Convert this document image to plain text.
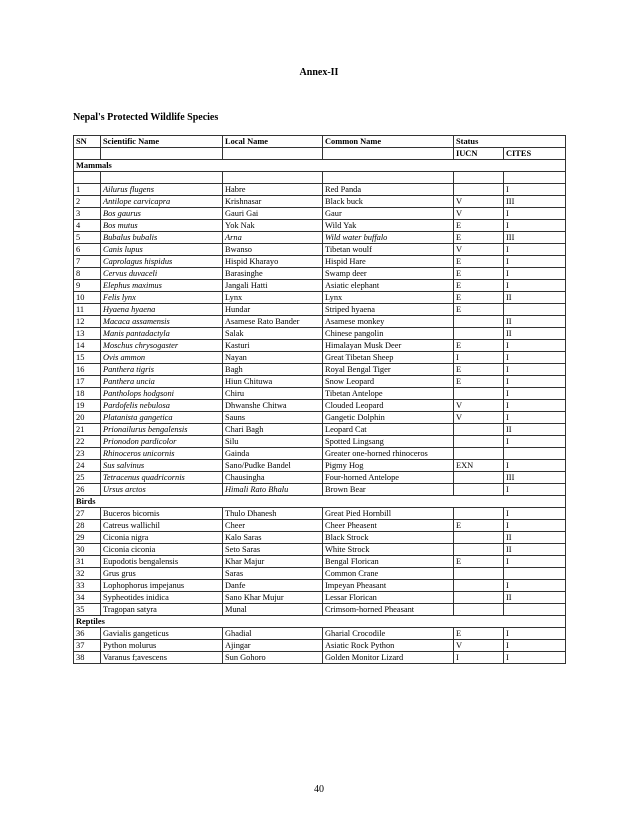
Annex-II
Nepal's Protected Wildlife Species
SN	Scientific Name	Local Name	Common Name	Status	
				IUCN	CITES
Mammals					

1	Ailurus flugens	Habre	Red Panda		I
2	Antilope carvicapra	Krishnasar	Black buck	V	III
3	Bos gaurus	Gauri Gai	Gaur	V	I
4	Bos mutus	Yok Nak	Wild Yak	E	I
5	Bubalus bubalis	Arna	Wild water buffalo	E	III
6	Canis lupus	Bwanso	Tibetan woulf	V	I
7	Caprolagus hispidus	Hispid Kharayo	Hispid Hare	E	I
8	Cervus duvaceli	Barasinghe	Swamp deer	E	I
9	Elephus maximus	Jangali Hatti	Asiatic elephant	E	I
10	Felis lynx	Lynx	Lynx	E	II
11	Hyaena hyaena	Hundar	Striped hyaena	E	
12	Macaca assamensis	Asamese Rato Bander	Asamese monkey		II
13	Manis pantadactyla	Salak	Chinese pangolin		II
14	Moschus chrysogaster	Kasturi	Himalayan Musk Deer	E	I
15	Ovis ammon	Nayan	Great Tibetan Sheep	I	I
16	Panthera tigris	Bagh	Royal Bengal Tiger	E	I
17	Panthera uncia	Hiun Chituwa	Snow Leopard	E	I
18	Pantholops hodgsoni	Chiru	Tibetan Antelope		I
19	Pardofelis nebulosa	Dhwanshe Chitwa	Clouded Leopard	V	I
20	Platanista gangetica	Sauns	Gangetic Dolphin	V	I
21	Prionailurus bengalensis	Chari Bagh	Leopard Cat		II
22	Prionodon pardicolor	Silu	Spotted Lingsang		I
23	Rhinoceros unicornis	Gainda	Greater one-horned rhinoceros		
24	Sus salvinus	Sano/Pudke Bandel	Pigmy Hog	EXN	I
25	Tetracenus quadricornis	Chausingha	Four-horned Antelope		III
26	Ursus arctos	Himali Rato Bhalu	Brown Bear		I
Birds					
27	Buceros bicornis	Thulo Dhanesh	Great Pied Hornbill		I
28	Catreus wallichil	Cheer	Cheer Pheasent	E	I
29	Ciconia nigra	Kalo Saras	Black Strock		II
30	Ciconia ciconia	Seto Saras	White Strock		II
31	Eupodotis bengalensis	Khar Majur	Bengal Florican	E	I
32	Grus grus	Saras	Common Crane		
33	Lophophorus impejanus	Danfe	Impeyan Pheasant		I
34	Sypheotides inidica	Sano Khar Mujur	Lessar Florican		II
35	Tragopan satyra	Munal	Crimsom-horned Pheasant		
Reptiles					
36	Gavialis gangeticus	Ghadial	Gharial Crocodile	E	I
37	Python molurus	Ajingar	Asiatic Rock Python	V	I
38	Varanus f;avescens	Sun Gohoro	Golden Monitor Lizard	I	I
40
